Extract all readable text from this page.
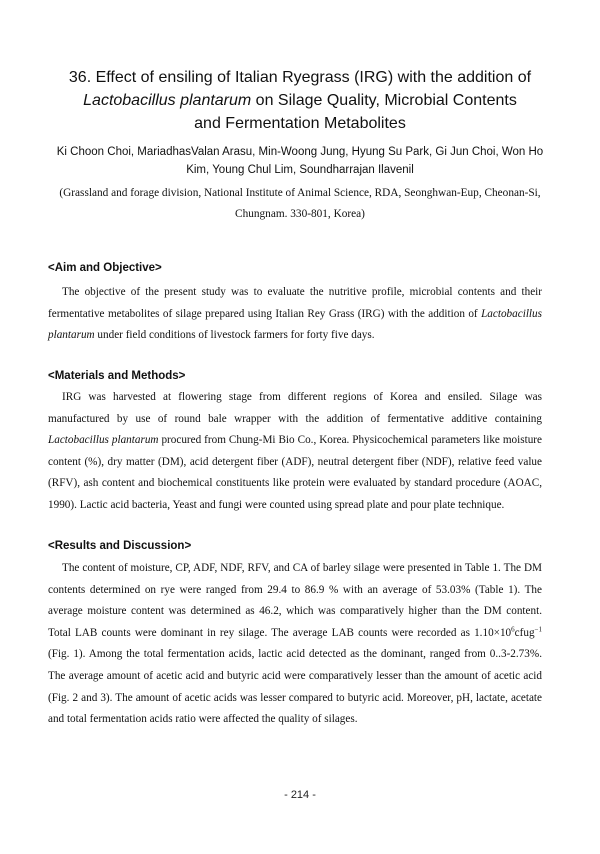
36. Effect of ensiling of Italian Ryegrass (IRG) with the addition of
Lactobacillus plantarum on Silage Quality, Microbial Contents
and Fermentation Metabolites
Ki Choon Choi, MariadhasValan Arasu, Min-Woong Jung, Hyung Su Park, Gi Jun Choi, Won Ho
Kim, Young Chul Lim, Soundharrajan Ilavenil
(Grassland and forage division, National Institute of Animal Science, RDA, Seonghwan-Eup, Cheonan-Si,
Chungnam. 330-801, Korea)
<Aim and Objective>
The objective of the present study was to evaluate the nutritive profile, microbial contents and their fermentative metabolites of silage prepared using Italian Rey Grass (IRG) with the addition of Lactobacillus plantarum under field conditions of livestock farmers for forty five days.
<Materials and Methods>
IRG was harvested at flowering stage from different regions of Korea and ensiled. Silage was manufactured by use of round bale wrapper with the addition of fermentative additive containing Lactobacillus plantarum procured from Chung-Mi Bio Co., Korea. Physicochemical parameters like moisture content (%), dry matter (DM), acid detergent fiber (ADF), neutral detergent fiber (NDF), relative feed value (RFV), ash content and biochemical constituents like protein were evaluated by standard procedure (AOAC, 1990). Lactic acid bacteria, Yeast and fungi were counted using spread plate and pour plate technique.
<Results and Discussion>
The content of moisture, CP, ADF, NDF, RFV, and CA of barley silage were presented in Table 1. The DM contents determined on rye were ranged from 29.4 to 86.9 % with an average of 53.03% (Table 1). The average moisture content was determined as 46.2, which was comparatively higher than the DM content. Total LAB counts were dominant in rey silage. The average LAB counts were recorded as $1.10\times 10^6cfug^{-1}$ (Fig. 1). Among the total fermentation acids, lactic acid detected as the dominant, ranged from 0..3-2.73%. The average amount of acetic acid and butyric acid were comparatively lesser than the amount of acetic acid (Fig. 2 and 3). The amount of acetic acids was lesser compared to butyric acid. Moreover, pH, lactate, acetate and total fermentation acids ratio were affected the quality of silages.
- 214 -
